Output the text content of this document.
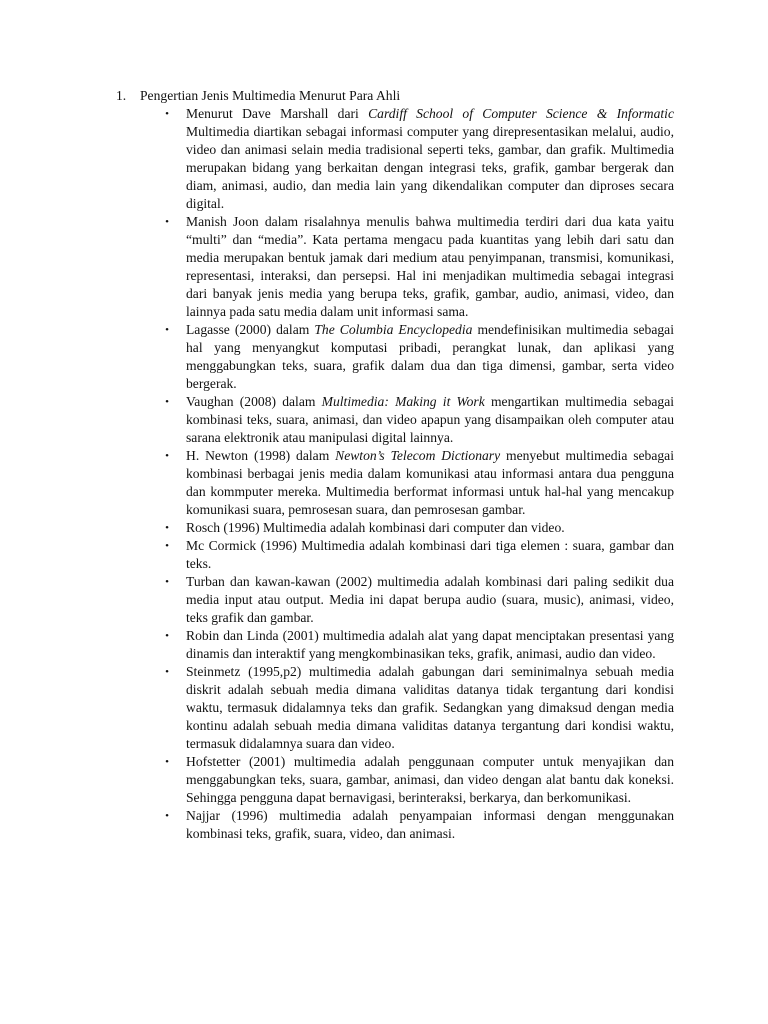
1. Pengertian Jenis Multimedia Menurut Para Ahli
• Menurut Dave Marshall dari Cardiff School of Computer Science & Informatic Multimedia diartikan sebagai informasi computer yang direpresentasikan melalui, audio, video dan animasi selain media tradisional seperti teks, gambar, dan grafik. Multimedia merupakan bidang yang berkaitan dengan integrasi teks, grafik, gambar bergerak dan diam, animasi, audio, dan media lain yang dikendalikan computer dan diproses secara digital.
• Manish Joon dalam risalahnya menulis bahwa multimedia terdiri dari dua kata yaitu “multi” dan “media”. Kata pertama mengacu pada kuantitas yang lebih dari satu dan media merupakan bentuk jamak dari medium atau penyimpanan, transmisi, komunikasi, representasi, interaksi, dan persepsi. Hal ini menjadikan multimedia sebagai integrasi dari banyak jenis media yang berupa teks, grafik, gambar, audio, animasi, video, dan lainnya pada satu media dalam unit informasi sama.
• Lagasse (2000) dalam The Columbia Encyclopedia mendefinisikan multimedia sebagai hal yang menyangkut komputasi pribadi, perangkat lunak, dan aplikasi yang menggabungkan teks, suara, grafik dalam dua dan tiga dimensi, gambar, serta video bergerak.
• Vaughan (2008) dalam Multimedia: Making it Work mengartikan multimedia sebagai kombinasi teks, suara, animasi, dan video apapun yang disampaikan oleh computer atau sarana elektronik atau manipulasi digital lainnya.
• H. Newton (1998) dalam Newton’s Telecom Dictionary menyebut multimedia sebagai kombinasi berbagai jenis media dalam komunikasi atau informasi antara dua pengguna dan kommputer mereka. Multimedia berformat informasi untuk hal-hal yang mencakup komunikasi suara, pemrosesan suara, dan pemrosesan gambar.
• Rosch (1996) Multimedia adalah kombinasi dari computer dan video.
• Mc Cormick (1996) Multimedia adalah kombinasi dari tiga elemen : suara, gambar dan teks.
• Turban dan kawan-kawan (2002) multimedia adalah kombinasi dari paling sedikit dua media input atau output. Media ini dapat berupa audio (suara, music), animasi, video, teks grafik dan gambar.
• Robin dan Linda (2001) multimedia adalah alat yang dapat menciptakan presentasi yang dinamis dan interaktif yang mengkombinasikan teks, grafik, animasi, audio dan video.
• Steinmetz (1995,p2) multimedia adalah gabungan dari seminimalnya sebuah media diskrit adalah sebuah media dimana validitas datanya tidak tergantung dari kondisi waktu, termasuk didalamnya teks dan grafik. Sedangkan yang dimaksud dengan media kontinu adalah sebuah media dimana validitas datanya tergantung dari kondisi waktu, termasuk didalamnya suara dan video.
• Hofstetter (2001) multimedia adalah penggunaan computer untuk menyajikan dan menggabungkan teks, suara, gambar, animasi, dan video dengan alat bantu dak koneksi. Sehingga pengguna dapat bernavigasi, berinteraksi, berkarya, dan berkomunikasi.
• Najjar (1996) multimedia adalah penyampaian informasi dengan menggunakan kombinasi teks, grafik, suara, video, dan animasi.
